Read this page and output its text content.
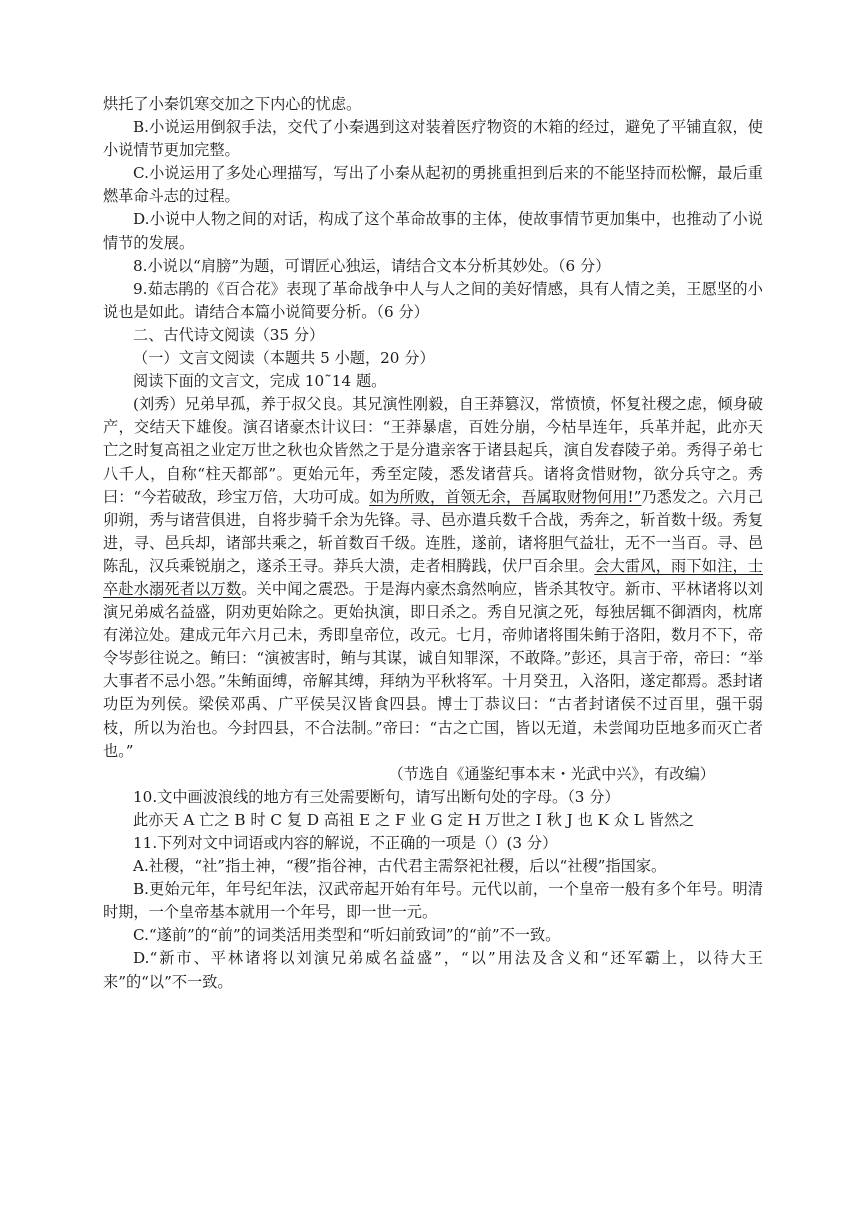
烘托了小秦饥寒交加之下内心的忧虑。

B.小说运用倒叙手法，交代了小秦遇到这对装着医疗物资的木箱的经过，避免了平铺直叙，使小说情节更加完整。

C.小说运用了多处心理描写，写出了小秦从起初的勇挑重担到后来的不能坚持而松懈，最后重燃革命斗志的过程。

D.小说中人物之间的对话，构成了这个革命故事的主体，使故事情节更加集中，也推动了小说情节的发展。

8.小说以“肩膀”为题，可谓匠心独运，请结合文本分析其妙处。（6 分）

9.茹志鹃的《百合花》表现了革命战争中人与人之间的美好情感，具有人情之美，王愿坚的小说也是如此。请结合本篇小说简要分析。（6 分）

二、古代诗文阅读（35 分）

（一）文言文阅读（本题共 5 小题，20 分）

阅读下面的文言文，完成 10˜14 题。

(刘秀）兄弟早孤，养于叔父良。其兄演性刚毅，自王莽篡汉，常愤愤，怀复社稷之虑，倾身破产，交结天下雄俊。演召诸豪杰计议曰：“王莽暴虐，百姓分崩，今枯旱连年，兵革并起，此亦天亡之时复高祖之业定万世之秋也众皆然之于是分遣亲客于诸县起兵，演自发舂陵子弟。秀得子弟七八千人，自称“柱天都部”。更始元年，秀至定陵，悉发诸营兵。诸将贪惜财物，欲分兵守之。秀曰：“今若破敌，珍宝万倍，大功可成。如为所败，首领无余，吾属取财物何用!”乃悉发之。六月己卯朔，秀与诸营俱进，自将步骑千余为先锋。寻、邑亦遣兵数千合战，秀奔之，斩首数十级。秀复进，寻、邑兵却，诸部共乘之，斩首数百千级。连胜，遂前，诸将胆气益壮，无不一当百。寻、邑陈乱，汉兵乘锐崩之，遂杀王寻。莽兵大溃，走者相腾践，伏尸百余里。会大雷风，雨下如注，士卒赴水溺死者以万数。关中闻之震恐。于是海内豪杰翕然响应，皆杀其牧守。新市、平林诸将以刘演兄弟威名益盛，阴劝更始除之。更始执演，即日杀之。秀自兄演之死，每独居辄不御酒肉，枕席有涕泣处。建成元年六月己未，秀即皇帝位，改元。七月，帝帅诸将围朱鲔于洛阳，数月不下，帝令岑彭往说之。鲔曰：“演被害时，鲔与其谋，诚自知罪深，不敢降。”彭还，具言于帝，帝曰：“举大事者不忌小怨。”朱鲔面缚，帝解其缚，拜纳为平秋将军。十月癸丑，入洛阳，遂定都焉。悉封诸功臣为列侯。梁侯邓禹、广平侯吴汉皆食四县。博士丁恭议曰：“古者封诸侯不过百里，强干弱枝，所以为治也。今封四县，不合法制。”帝曰：“古之亡国，皆以无道，未尝闻功臣地多而灭亡者也。”

（节选自《通鉴纪事本末・光武中兴》，有改编）

10.文中画波浪线的地方有三处需要断句，请写出断句处的字母。（3 分）

此亦天 A 亡之 B 时 C 复 D 高祖 E 之 F 业 G 定 H 万世之 I 秋 J 也 K 众 L 皆然之

11.下列对文中词语或内容的解说，不正确的一项是（）(3 分）

A.社稷，“社”指土神，“稷”指谷神，古代君主需祭祀社稷，后以“社稷”指国家。

B.更始元年，年号纪年法，汉武帝起开始有年号。元代以前，一个皇帝一般有多个年号。明清时期，一个皇帝基本就用一个年号，即一世一元。

C.“遂前”的“前”的词类活用类型和“听妇前致词”的“前”不一致。

D.“新市、平林诸将以刘演兄弟威名益盛”，“以”用法及含义和“还军霸上，以待大王来”的“以”不一致。
